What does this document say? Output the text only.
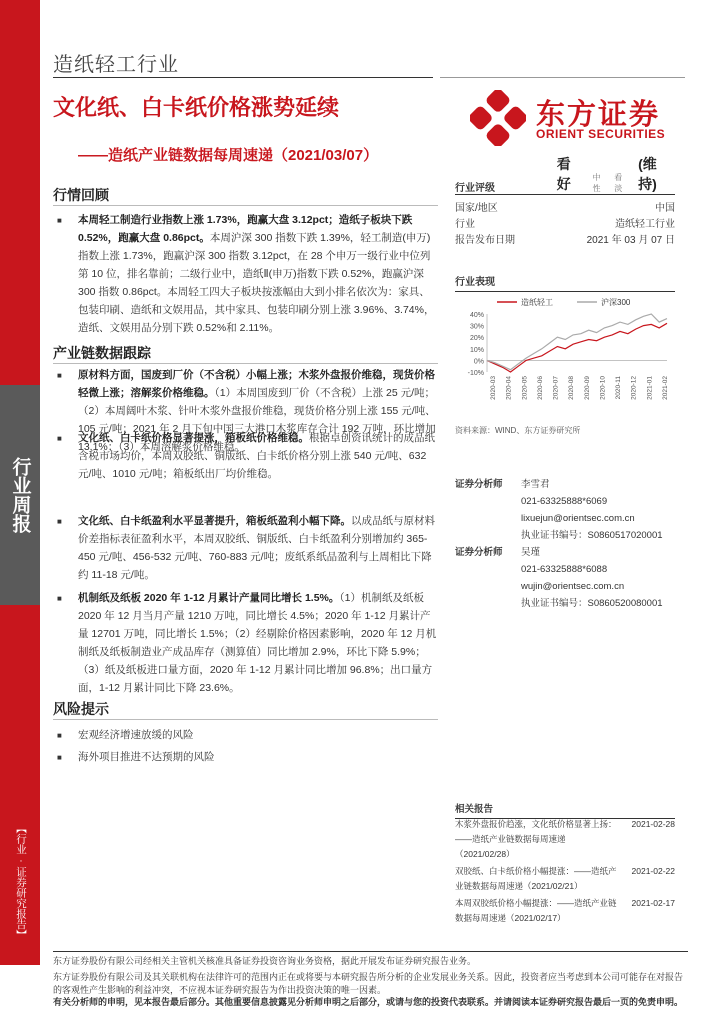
行业周报
【行业·证券研究报告】
造纸轻工行业
文化纸、白卡纸价格涨势延续
——造纸产业链数据每周速递（2021/03/07）
东方证券
ORIENT SECURITIES
行情回顾
■ 本周轻工制造行业指数上涨 1.73%，跑赢大盘 3.12pct；造纸子板块下跌 0.52%，跑赢大盘 0.86pct。本周沪深 300 指数下跌 1.39%，轻工制造(申万)指数上涨 1.73%，跑赢沪深 300 指数 3.12pct，在 28 个申万一级行业中位列第 10 位，排名靠前；二级行业中，造纸Ⅱ(申万)指数下跌 0.52%，跑赢沪深 300 指数 0.86pct。本周轻工四大子板块按涨幅由大到小排名依次为：家具、包装印刷、造纸和文娱用品，其中家具、包装印刷分别上涨 3.96%、3.74%，造纸、文娱用品分别下跌 0.52%和 2.11%。
产业链数据跟踪
■ 原材料方面，国废到厂价（不含税）小幅上涨；木浆外盘报价维稳，现货价格轻微上涨；溶解浆价格维稳。（1）本周国废到厂价（不含税）上涨 25 元/吨；（2）本周阔叶木浆、针叶木浆外盘报价维稳，现货价格分别上涨 155 元/吨、105 元/吨；2021 年 2 月下旬中国三大港口木浆库存合计 192 万吨，环比增加 13.1%；（3）本周溶解浆价格维稳。
■ 文化纸、白卡纸价格显著提涨，箱板纸价格维稳。根据卓创资讯统计的成品纸含税市场均价，本周双胶纸、铜版纸、白卡纸价格分别上涨 540 元/吨、632 元/吨、1010 元/吨；箱板纸出厂均价维稳。
■ 文化纸、白卡纸盈利水平显著提升，箱板纸盈利小幅下降。以成品纸与原材料价差指标表征盈利水平，本周双胶纸、铜版纸、白卡纸盈利分别增加约 365-450 元/吨、456-532 元/吨、760-883 元/吨；废纸系纸品盈利与上周相比下降约 11-18 元/吨。
■ 机制纸及纸板 2020 年 1-12 月累计产量同比增长 1.5%。（1）机制纸及纸板 2020 年 12 月当月产量 1210 万吨，同比增长 4.5%；2020 年 1-12 月累计产量 12701 万吨，同比增长 1.5%；（2）经剔除价格因素影响，2020 年 12 月机制纸及纸板制造业产成品库存（测算值）同比增加 2.9%，环比下降 5.9%；（3）纸及纸板进口量方面，2020 年 1-12 月累计同比增加 96.8%；出口量方面，1-12 月累计同比下降 23.6%。
风险提示
■ 宏观经济增速放缓的风险
■ 海外项目推进不达预期的风险
行业评级
看好	中性
看淡
(维持)
国家/地区	中国
行业	造纸轻工行业
报告发布日期	2021 年 03 月 07 日
行业表现
造纸轻工	沪深300
40%
30%
20%
10%
0%
-10%
2020-03 2020-04 2020-05 2020-06 2020-07 2020-08 2020-09 2020-10 2020-11 2020-12 2021-01 2021-02
资料来源：WIND、东方证券研究所
证券分析师	李雪君
021-63325888*6069
lixuejun@orientsec.com.cn
执业证书编号：S0860517020001
证券分析师	吴瑾
021-63325888*6088
wujin@orientsec.com.cn
执业证书编号：S0860520080001
相关报告
木浆外盘报价趋涨，文化纸价格显著上扬：——造纸产业链数据每周速递（2021/02/28）
2021-02-28
双胶纸、白卡纸价格小幅提涨：——造纸产业链数据每周速递（2021/02/21）
2021-02-22
本周双胶纸价格小幅提涨：——造纸产业链数据每周速递（2021/02/17）
2021-02-17
东方证券股份有限公司经相关主管机关核准具备证券投资咨询业务资格，据此开展发布证券研究报告业务。
东方证券股份有限公司及其关联机构在法律许可的范围内正在或将要与本研究报告所分析的企业发展业务关系。因此，投资者应当考虑到本公司可能存在对报告的客观性产生影响的利益冲突，不应视本证券研究报告为作出投资决策的唯一因素。
有关分析师的申明，见本报告最后部分。其他重要信息披露见分析师申明之后部分，或请与您的投资代表联系。并请阅读本证券研究报告最后一页的免责申明。
